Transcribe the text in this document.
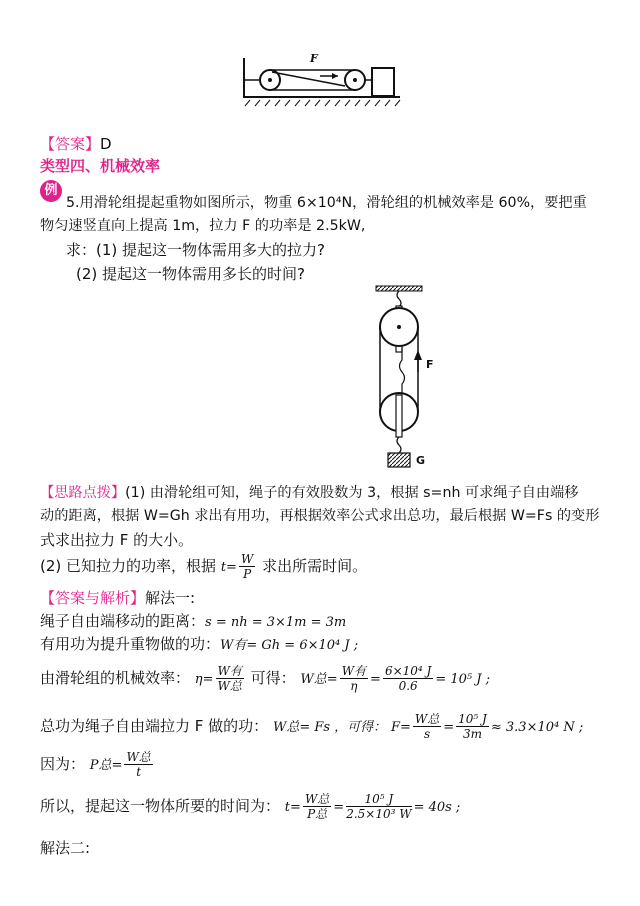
F
【答案】D
类型四、机械效率
例
5.用滑轮组提起重物如图所示，物重 6×10⁴N，滑轮组的机械效率是 60%，要把重
物匀速竖直向上提高 1m，拉力 F 的功率是 2.5kW,
求：(1) 提起这一物体需用多大的拉力?
(2) 提起这一物体需用多长的时间?
F
G
【思路点拨】(1) 由滑轮组可知，绳子的有效股数为 3，根据 s=nh 可求绳子自由端移
动的距离，根据 W=Gh 求出有用功，再根据效率公式求出总功，最后根据 W=Fs 的变形
式求出拉力 F 的大小。
(2) 已知拉力的功率，根据 $t= \frac{W}{P}$ 求出所需时间。
【答案与解析】解法一:
绳子自由端移动的距离：s = nh = 3×1m = 3m
有用功为提升重物做的功：W有= Gh = 6×10⁴ J ;
由滑轮组的机械效率： $\eta= \frac{\text{W有}}{\text{W总}}$ 可得： W总= $\frac{\text{W有}}{\eta} = \frac{\text{6×10⁴ J}}{0.6} = 10^5$ J ;
总功为绳子自由端拉力 F 做的功： W总= Fs ，可得： $F= \frac{\text{W总}}{s} = \frac{\text{10⁵ J}}{3m} \approx 3.3\times 10^4$ N ;
因为： P总= $\frac{\text{W总}}{t}$
所以，提起这一物体所要的时间为： $t= \frac{\text{W总}}{\text{P总}} = \frac{\text{10⁵ J}}{\text{2.5×10³ W}} = 40s$ ;
解法二:
